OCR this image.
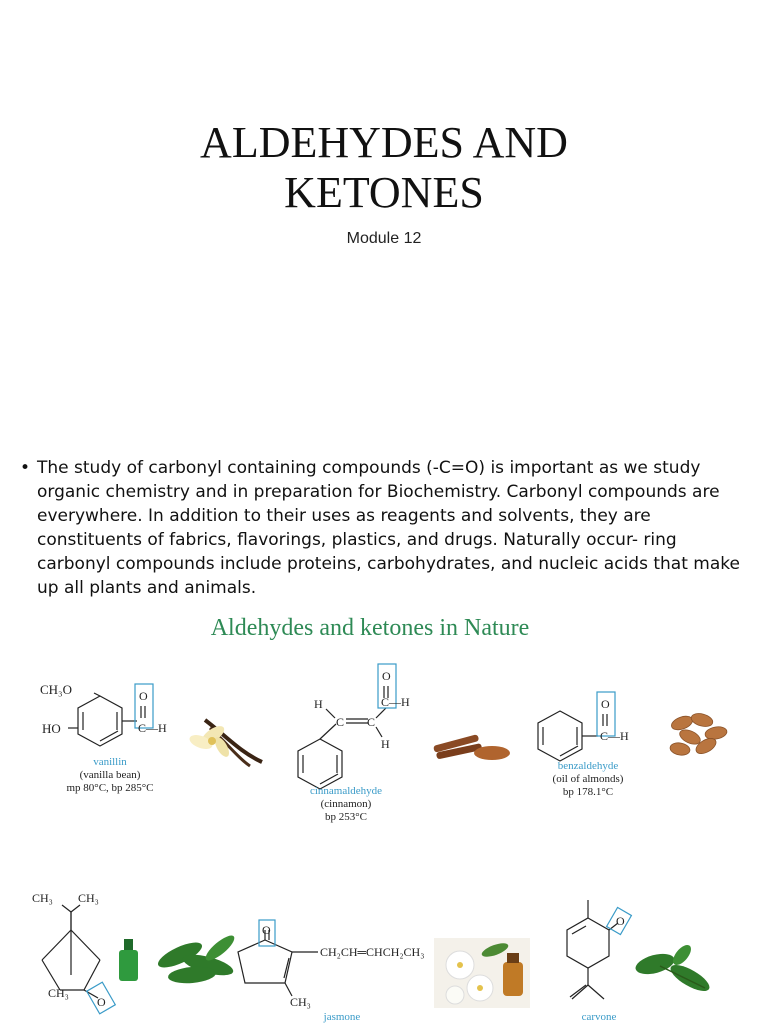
ALDEHYDES AND
KETONES
Module 12
• The study of carbonyl containing compounds (-C=O) is important as we study organic chemistry and in preparation for Biochemistry. Carbonyl compounds are everywhere. In addition to their uses as reagents and solvents, they are constituents of fabrics, flavorings, plastics, and drugs. Naturally occur- ring carbonyl compounds include proteins, carbohydrates, and nucleic acids that make up all plants and animals.
Aldehydes and ketones in Nature
CH₃O
HO
O
C—H
H
C C
H
O
C—H	O
C—H
CH₃ CH₃
CH₃
O
O
CH₂CH═CHCH₂CH₃
CH₃
O
vanillin
(vanilla bean)
mp 80°C, bp 285°C	cinnamaldehyde
(cinnamon)
bp 253°C
benzaldehyde
(oil of almonds)
bp 178.1°C
jasmone	carvone
